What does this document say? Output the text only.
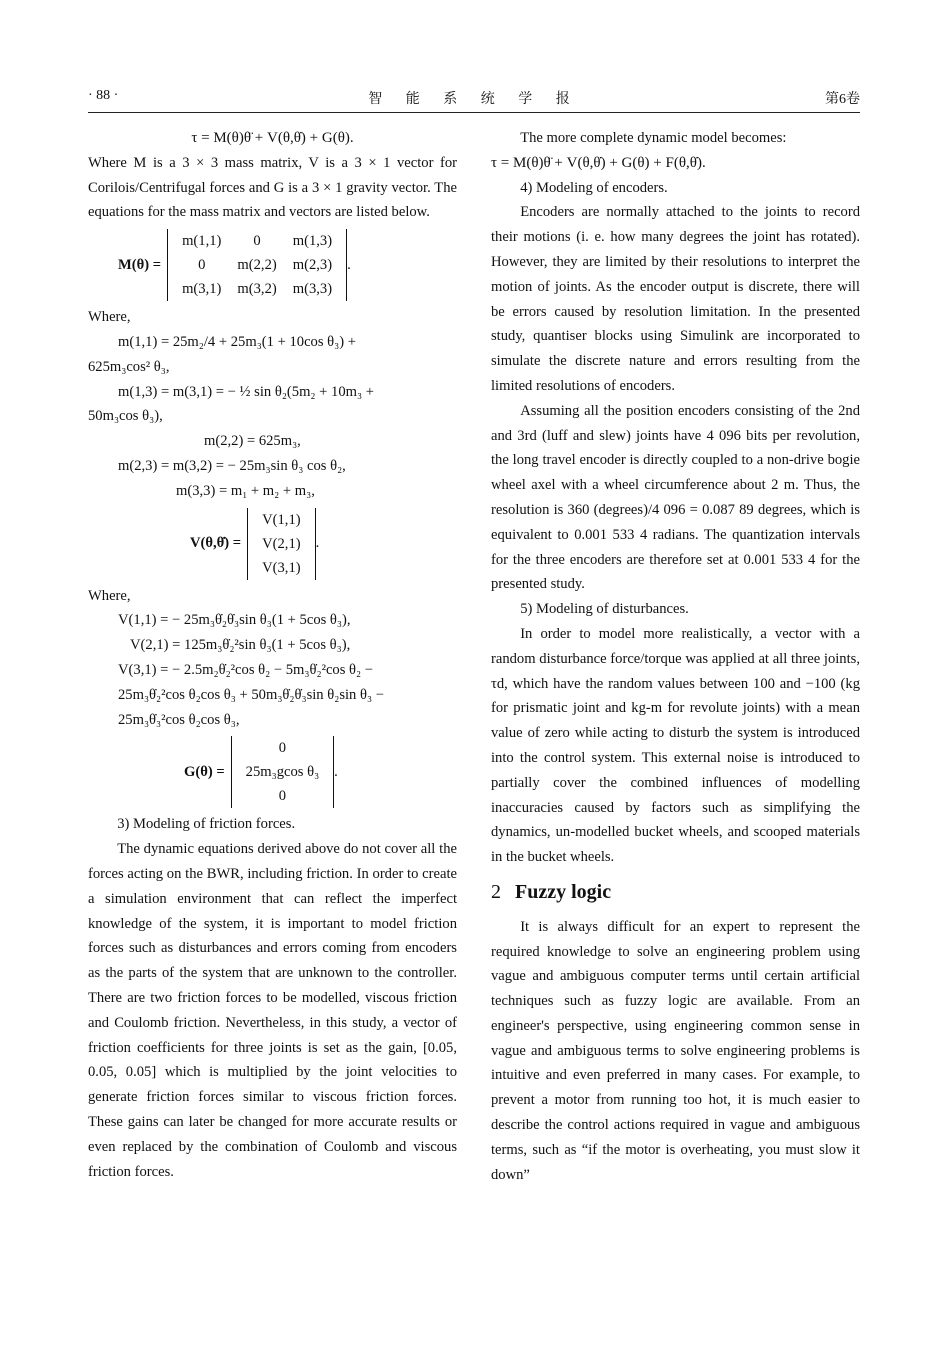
· 88 ·	智 能 系 统 学 报	第6卷

τ = M(θ)θ̈ + V(θ,θ̇) + G(θ).

Where M is a 3 × 3 mass matrix, V is a 3 × 1 vector for Corilois/Centrifugal forces and G is a 3 × 1 gravity vector. The equations for the mass matrix and vectors are listed below.

M(θ) =
m(1,1)	0	m(1,3)
0	m(2,2)	m(2,3)
m(3,1)	m(3,2)	m(3,3)
.

Where,

m(1,1) = 25m₂/4 + 25m₃(1 + 10cos θ₃) +

625m₃cos² θ₃,

m(1,3) = m(3,1) = − ½ sin θ₂(5m₂ + 10m₃ +

50m₃cos θ₃),

m(2,2) = 625m₃,

m(2,3) = m(3,2) = − 25m₃sin θ₃ cos θ₂,

m(3,3) = m₁ + m₂ + m₃,

V(θ,θ̇) =
V(1,1)
V(2,1)
V(3,1)
.

Where,

V(1,1) = − 25m₃θ̇₂θ̇₃sin θ₃(1 + 5cos θ₃),

V(2,1) = 125m₃θ̇₂²sin θ₃(1 + 5cos θ₃),

V(3,1) = − 2.5m₂θ̇₂²cos θ₂ − 5m₃θ̇₂²cos θ₂ −

25m₃θ̇₂²cos θ₂cos θ₃ + 50m₃θ̇₂θ̇₃sin θ₂sin θ₃ −

25m₃θ̇₃²cos θ₂cos θ₃,

G(θ) =
0
25m₃gcos θ₃
0
.

3) Modeling of friction forces.

The dynamic equations derived above do not cover all the forces acting on the BWR, including friction. In order to create a simulation environment that can reflect the imperfect knowledge of the system, it is important to model friction forces such as disturbances and errors coming from encoders as the parts of the system that are unknown to the controller. There are two friction forces to be modelled, viscous friction and Coulomb friction. Nevertheless, in this study, a vector of friction coefficients for three joints is set as the gain, [0.05, 0.05, 0.05] which is multiplied by the joint velocities to generate friction forces similar to viscous friction forces. These gains can later be changed for more accurate results or even replaced by the combination of Coulomb and viscous friction forces.

The more complete dynamic model becomes:

τ = M(θ)θ̈ + V(θ,θ̇) + G(θ) + F(θ,θ̇).

4) Modeling of encoders.

Encoders are normally attached to the joints to record their motions (i. e. how many degrees the joint has rotated). However, they are limited by their resolutions to interpret the motion of joints. As the encoder output is discrete, there will be errors caused by resolution limitation. In the presented study, quantiser blocks using Simulink are incorporated to simulate the discrete nature and errors resulting from the limited resolutions of encoders.

Assuming all the position encoders consisting of the 2nd and 3rd (luff and slew) joints have 4 096 bits per revolution, the long travel encoder is directly coupled to a non-drive bogie wheel axel with a wheel circumference about 2 m. Thus, the resolution is 360 (degrees)/4 096 = 0.087 89 degrees, which is equivalent to 0.001 533 4 radians. The quantization intervals for the three encoders are therefore set at 0.001 533 4 for the presented study.

5) Modeling of disturbances.

In order to model more realistically, a vector with a random disturbance force/torque was applied at all three joints, τd, which have the random values between 100 and −100 (kg for prismatic joint and kg-m for revolute joints) with a mean value of zero while acting to disturb the system is introduced into the control system. This external noise is introduced to partially cover the combined influences of modelling inaccuracies caused by factors such as simplifying the dynamics, un-modelled bucket wheels, and scooped materials in the bucket wheels.

2 Fuzzy logic

It is always difficult for an expert to represent the required knowledge to solve an engineering problem using vague and ambiguous computer terms until certain artificial techniques such as fuzzy logic are available. From an engineer's perspective, using engineering common sense in vague and ambiguous terms to solve engineering problems is intuitive and even preferred in many cases. For example, to prevent a motor from running too hot, it is much easier to describe the control actions required in vague and ambiguous terms, such as “if the motor is overheating, you must slow it down”
